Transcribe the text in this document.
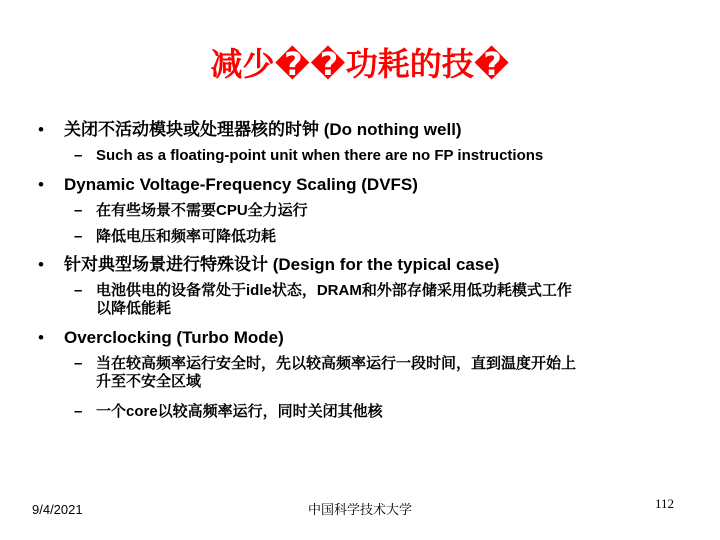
减少��功耗的技�
• 关闭不活动模块或处理器核的时钟 (Do nothing well)
– Such as a floating-point unit when there are no FP instructions
• Dynamic Voltage-Frequency Scaling (DVFS)
– 在有些场景不需要CPU全力运行
– 降低电压和频率可降低功耗
• 针对典型场景进行特殊设计 (Design for the typical case)
– 电池供电的设备常处于idle状态，DRAM和外部存储采用低功耗模式工作
以降低能耗
• Overclocking (Turbo Mode)
– 当在较高频率运行安全时，先以较高频率运行一段时间，直到温度开始上
升至不安全区域
– 一个core以较高频率运行，同时关闭其他核
9/4/2021	中国科学技术大学	112
